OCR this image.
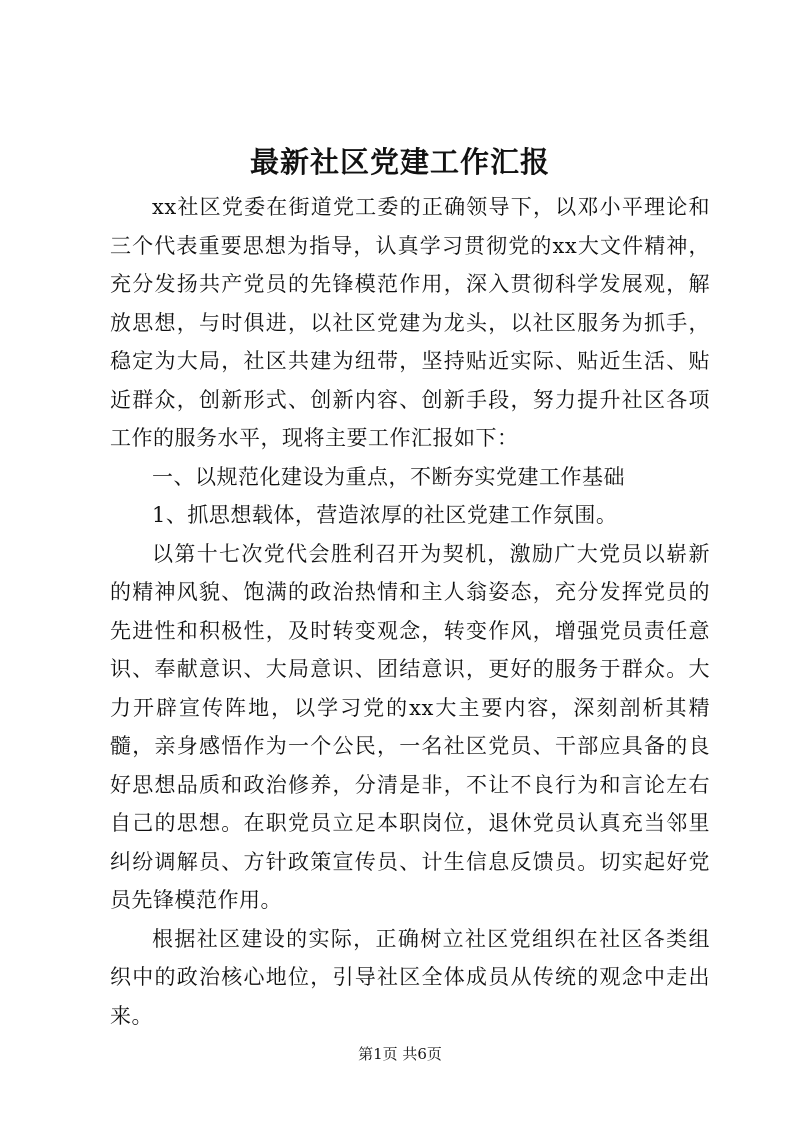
最新社区党建工作汇报

xx社区党委在街道党工委的正确领导下，以邓小平理论和三个代表重要思想为指导，认真学习贯彻党的xx大文件精神，充分发扬共产党员的先锋模范作用，深入贯彻科学发展观，解放思想，与时俱进，以社区党建为龙头，以社区服务为抓手，稳定为大局，社区共建为纽带，坚持贴近实际、贴近生活、贴近群众，创新形式、创新内容、创新手段，努力提升社区各项工作的服务水平，现将主要工作汇报如下：

一、以规范化建设为重点，不断夯实党建工作基础

1、抓思想载体，营造浓厚的社区党建工作氛围。

以第十七次党代会胜利召开为契机，激励广大党员以崭新的精神风貌、饱满的政治热情和主人翁姿态，充分发挥党员的先进性和积极性，及时转变观念，转变作风，增强党员责任意识、奉献意识、大局意识、团结意识，更好的服务于群众。大力开辟宣传阵地，以学习党的xx大主要内容，深刻剖析其精髓，亲身感悟作为一个公民，一名社区党员、干部应具备的良好思想品质和政治修养，分清是非，不让不良行为和言论左右自己的思想。在职党员立足本职岗位，退休党员认真充当邻里纠纷调解员、方针政策宣传员、计生信息反馈员。切实起好党员先锋模范作用。

根据社区建设的实际，正确树立社区党组织在社区各类组织中的政治核心地位，引导社区全体成员从传统的观念中走出来。

第1页 共6页
